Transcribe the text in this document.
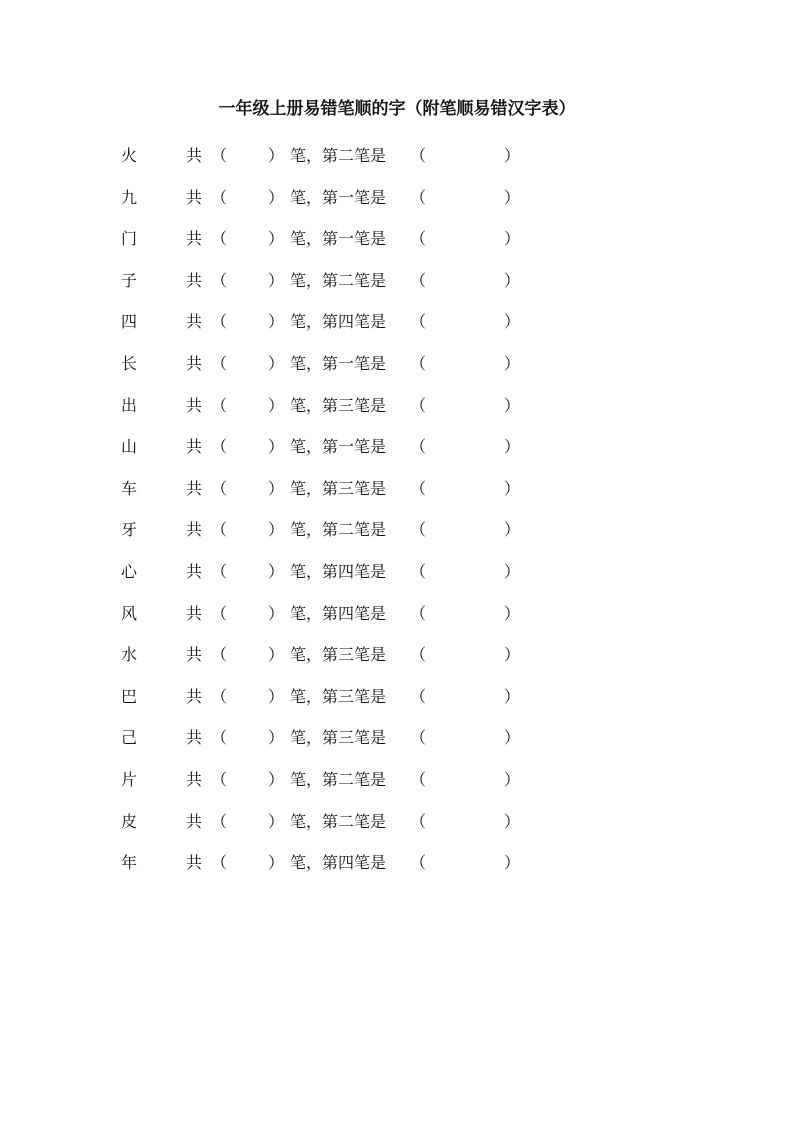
一年级上册易错笔顺的字（附笔顺易错汉字表）
火	共 （	） 笔，第二笔是 （	）
九	共 （	） 笔，第一笔是 （	）
门	共 （	） 笔，第一笔是 （	）
子	共 （	） 笔，第二笔是 （	）
四	共 （	） 笔，第四笔是 （	）
长	共 （	） 笔，第一笔是 （	）
出	共 （	） 笔，第三笔是 （	）
山	共 （	） 笔，第一笔是 （	）
车	共 （	） 笔，第三笔是 （	）
牙	共 （	） 笔，第二笔是 （	）
心	共 （	） 笔，第四笔是 （	）
风	共 （	） 笔，第四笔是 （	）
水	共 （	） 笔，第三笔是 （	）
巴	共 （	） 笔，第三笔是 （	）
己	共 （	） 笔，第三笔是 （	）
片	共 （	） 笔，第二笔是 （	）
皮	共 （	） 笔，第二笔是 （	）
年	共 （	） 笔，第四笔是 （	）
